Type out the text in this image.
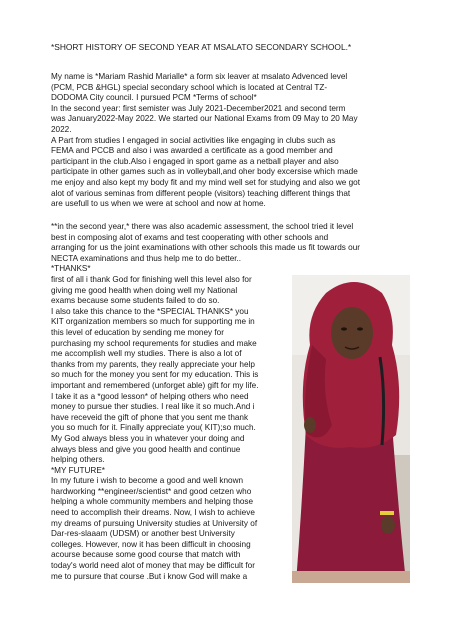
*SHORT HISTORY OF SECOND YEAR AT MSALATO SECONDARY SCHOOL.*
My name is *Mariam Rashid Marialle* a form six leaver at msalato Advenced level
(PCM, PCB &HGL) special secondary school which is located at Central TZ-
DODOMA City council. I pursued PCM *Terms of school*
In the second year: first semister was July 2021-December2021 and second term
was January2022-May 2022. We started our National Exams from 09 May to 20 May
2022.
A Part from studies I engaged in social activities like engaging in clubs such as
FEMA and PCCB and also i was awarded a certificate as a good member and
participant in the club.Also i engaged in sport game as a netball player and also
participate in other games such as in volleyball,and oher body excersise which made
me enjoy and also kept my body fit and my mind well set for studying and also we got
alot of various seminas from different people (visitors) teaching different things that
are usefull to us when we were at school and now at home.
**in the second year,* there was also academic assessment, the school tried it level
best in composing alot of exams and test cooperating with other schools and
arranging for us the joint examinations with other schools this made us fit towards our
NECTA examinations and thus help me to do better..
*THANKS*
first of all i thank God for finishing well this level also for
giving me good health when doing well my National
exams because some students failed to do so.
I also take this chance to the *SPECIAL THANKS* you
KIT organization members so much for supporting me in
this level of education by sending me money for
purchasing my school requrements for studies and make
me accomplish well my studies. There is also a lot of
thanks from my parents, they really appreciate your help
so much for the money you sent for my education. This is
important and remembered (unforget able) gift for my life.
I take it as a *good lesson* of helping others who need
money to pursue ther studies. I real like it so much.And i
have receveid the gift of phone that you sent me thank
you so much for it. Finally appreciate you( KIT);so much.
My God always bless you in whatever your doing and
always bless and give you good health and continue
helping others.
*MY FUTURE*
In my future i wish to become a good and well known
hardworking **engineer/scientist* and good cetzen who
helping a whole community members and helping those
need to accomplish their dreams. Now, I wish to achieve
my dreams of pursuing University studies at University of
Dar-res-slaaam (UDSM) or another best University
colleges. However, now it has been difficult in choosing
acourse because some good course that match with
today's world need alot of money that may be difficult for
me to pursure that course .But i know God will make a
